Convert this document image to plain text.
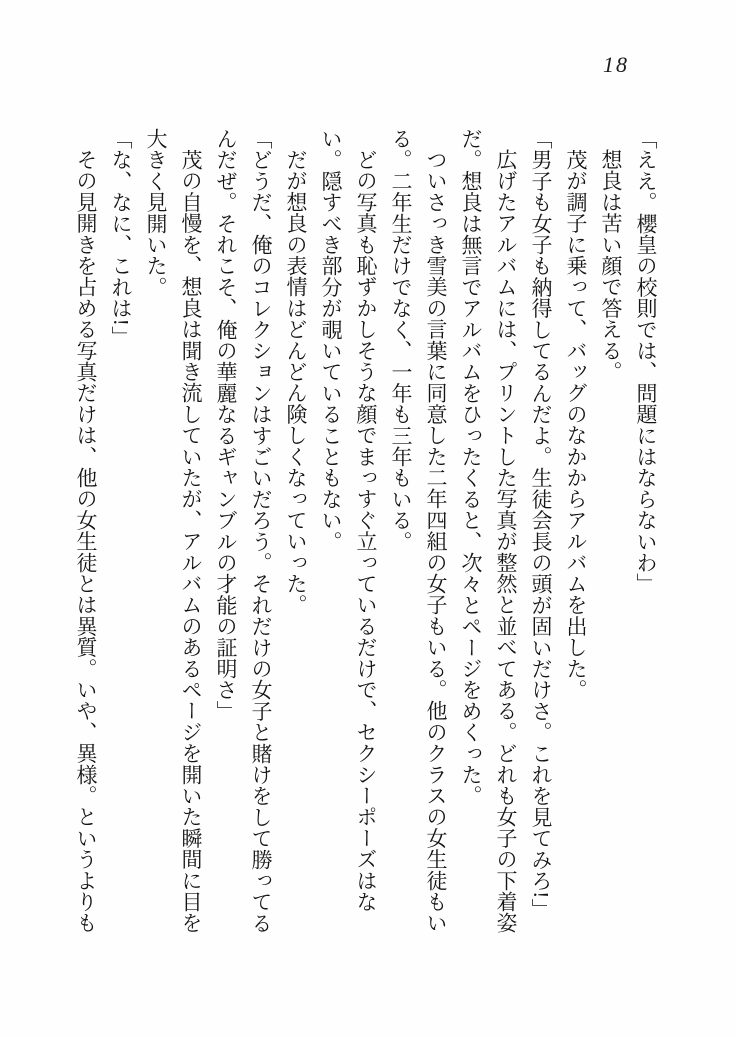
18

「ええ。櫻皇の校則では、問題にはならないわ」

想良は苦い顔で答える。

茂が調子に乗って、バッグのなかからアルバムを出した。

「男子も女子も納得してるんだよ。生徒会長の頭が固いだけさ。これを見てみろ!」

広げたアルバムには、プリントした写真が整然と並べてある。どれも女子の下着姿だ。想良は無言でアルバムをひったくると、次々とページをめくった。

ついさっき雪美の言葉に同意した二年四組の女子もいる。他のクラスの女生徒もいる。二年生だけでなく、一年も三年もいる。

どの写真も恥ずかしそうな顔でまっすぐ立っているだけで、セクシーポーズはない。隠すべき部分が覗いていることもない。

だが想良の表情はどんどん険しくなっていった。

「どうだ、俺のコレクションはすごいだろう。それだけの女子と賭けをして勝ってるんだぜ。それこそ、俺の華麗なるギャンブルの才能の証明さ」

茂の自慢を、想良は聞き流していたが、アルバムのあるページを開いた瞬間に目を大きく見開いた。

「な、なに、これは!」

その見開きを占める写真だけは、他の女生徒とは異質。いや、異様。というよりも
